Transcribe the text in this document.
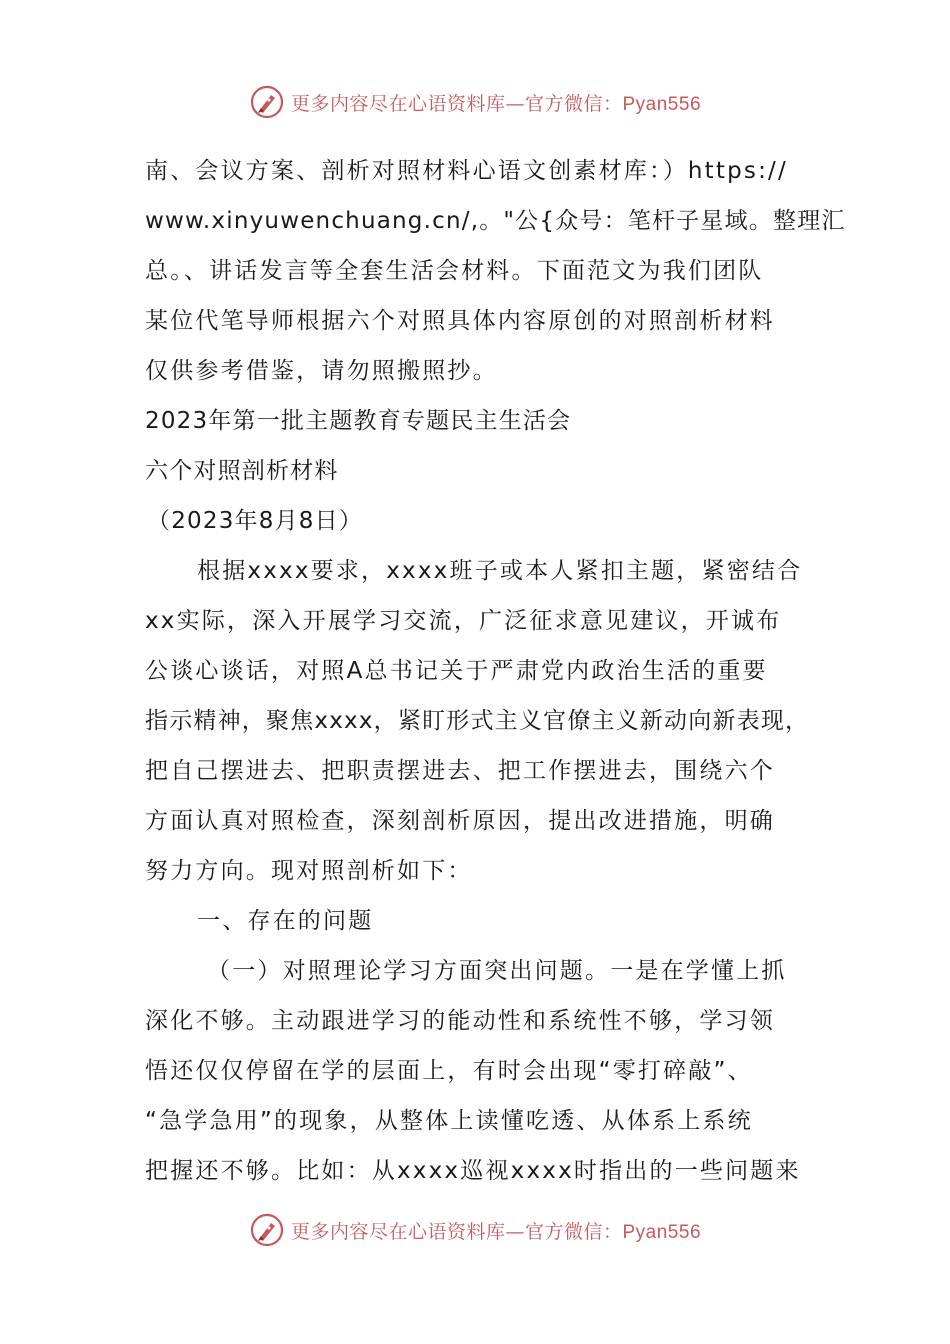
更多内容尽在心语资料库—官方微信：Pyan556
南、会议方案、剖析对照材料心语文创素材库：）https://
www.xinyuwenchuang.cn/,。"公{众号：笔杆子星域。整理汇
总。、讲话发言等全套生活会材料。下面范文为我们团队
某位代笔导师根据六个对照具体内容原创的对照剖析材料
仅供参考借鉴，请勿照搬照抄。
2023年第一批主题教育专题民主生活会
六个对照剖析材料
（2023年8月8日）
根据xxxx要求，xxxx班子或本人紧扣主题，紧密结合
xx实际，深入开展学习交流，广泛征求意见建议，开诚布
公谈心谈话，对照A总书记关于严肃党内政治生活的重要
指示精神，聚焦xxxx，紧盯形式主义官僚主义新动向新表现，
把自己摆进去、把职责摆进去、把工作摆进去，围绕六个
方面认真对照检查，深刻剖析原因，提出改进措施，明确
努力方向。现对照剖析如下：
一、存在的问题
（一）对照理论学习方面突出问题。一是在学懂上抓
深化不够。主动跟进学习的能动性和系统性不够，学习领
悟还仅仅停留在学的层面上，有时会出现“零打碎敲”、
“急学急用”的现象，从整体上读懂吃透、从体系上系统
把握还不够。比如：从xxxx巡视xxxx时指出的一些问题来
更多内容尽在心语资料库—官方微信：Pyan556
